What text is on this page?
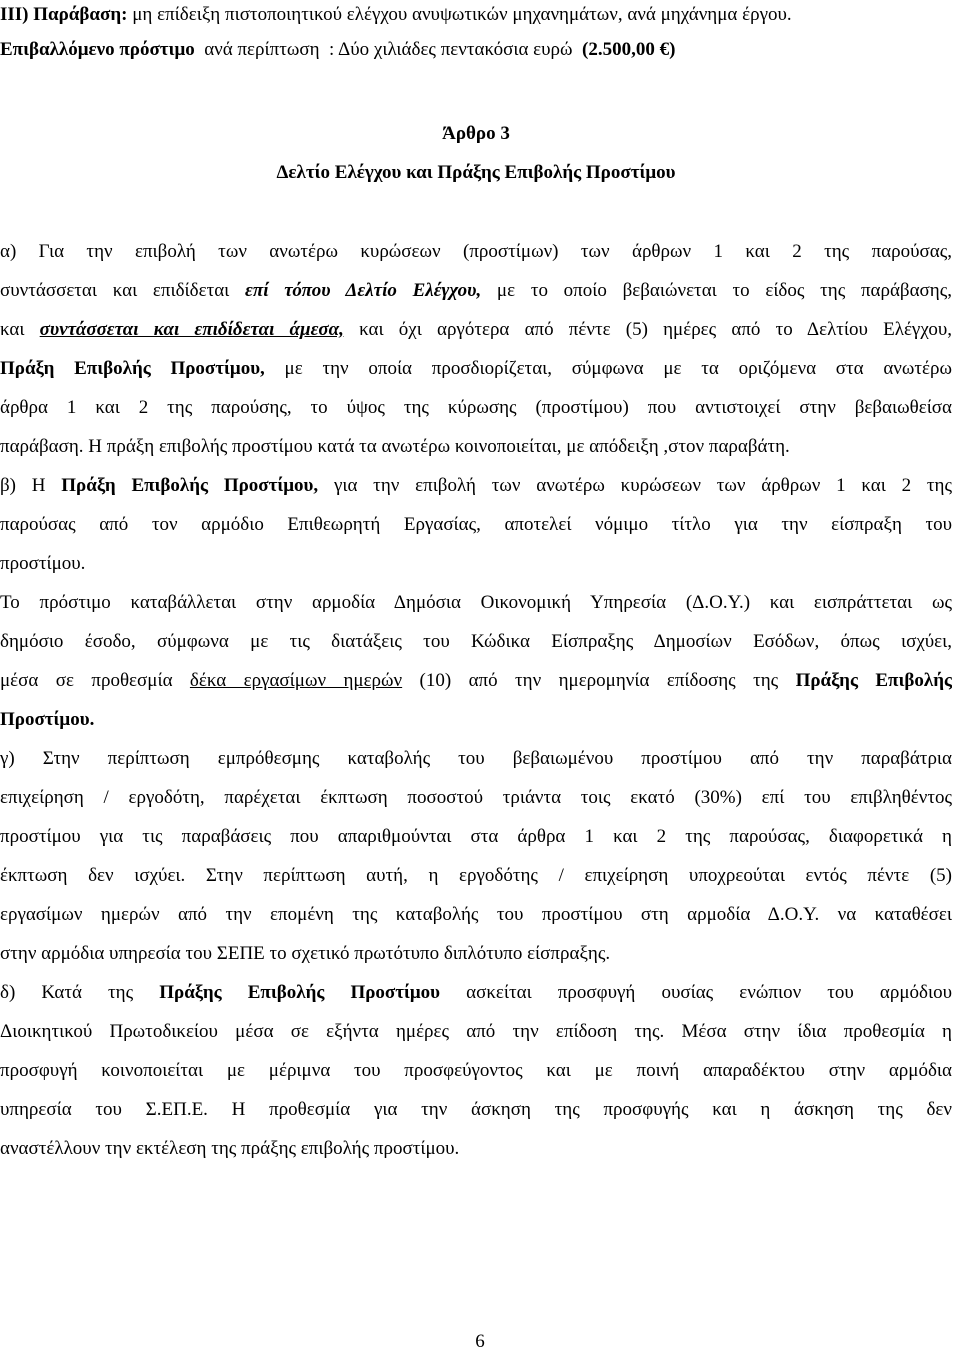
ΙΙΙ) Παράβαση: μη επίδειξη πιστοποιητικού ελέγχου ανυψωτικών μηχανημάτων, ανά μηχάνημα έργου.
Επιβαλλόμενο πρόστιμο  ανά περίπτωση  : Δύο χιλιάδες πεντακόσια ευρώ  (2.500,00 €)
Άρθρο 3
Δελτίο Ελέγχου και Πράξης Επιβολής Προστίμου
α) Για την επιβολή των ανωτέρω κυρώσεων (προστίμων) των άρθρων 1 και 2 της παρούσας,
συντάσσεται και επιδίδεται επί τόπου Δελτίο Ελέγχου, με το οποίο βεβαιώνεται το είδος της παράβασης,
και συντάσσεται και επιδίδεται άμεσα, και όχι αργότερα από πέντε (5) ημέρες από το Δελτίου Ελέγχου,
Πράξη Επιβολής Προστίμου, με την οποία προσδιορίζεται, σύμφωνα με τα οριζόμενα στα ανωτέρω
άρθρα 1 και 2 της παρούσης, το ύψος της κύρωσης (προστίμου) που αντιστοιχεί στην βεβαιωθείσα
παράβαση. Η πράξη επιβολής προστίμου κατά τα ανωτέρω κοινοποιείται, με απόδειξη ,στον παραβάτη.
β) Η Πράξη Επιβολής Προστίμου, για την επιβολή των ανωτέρω κυρώσεων των άρθρων 1 και 2 της
παρούσας από τον αρμόδιο Επιθεωρητή Εργασίας, αποτελεί νόμιμο τίτλο για την είσπραξη του
προστίμου.
Το πρόστιμο καταβάλλεται στην αρμοδία Δημόσια Οικονομική Υπηρεσία (Δ.Ο.Υ.) και εισπράττεται ως
δημόσιο έσοδο, σύμφωνα με τις διατάξεις του Κώδικα Είσπραξης Δημοσίων Εσόδων, όπως ισχύει,
μέσα σε προθεσμία δέκα εργασίμων ημερών (10) από την ημερομηνία επίδοσης της Πράξης Επιβολής
Προστίμου.
γ) Στην περίπτωση εμπρόθεσμης καταβολής του βεβαιωμένου προστίμου από την παραβάτρια
επιχείρηση / εργοδότη, παρέχεται έκπτωση ποσοστού τριάντα τοις εκατό (30%) επί του επιβληθέντος
προστίμου για τις παραβάσεις που απαριθμούνται στα άρθρα 1 και 2 της παρούσας, διαφορετικά η
έκπτωση δεν ισχύει. Στην περίπτωση αυτή, η εργοδότης / επιχείρηση υποχρεούται εντός πέντε (5)
εργασίμων ημερών από την επομένη της καταβολής του προστίμου στη αρμοδία Δ.Ο.Υ. να καταθέσει
στην αρμόδια υπηρεσία του ΣΕΠΕ το σχετικό πρωτότυπο διπλότυπο είσπραξης.
δ) Κατά της Πράξης Επιβολής Προστίμου ασκείται προσφυγή ουσίας ενώπιον του αρμόδιου
Διοικητικού Πρωτοδικείου μέσα σε εξήντα ημέρες από την επίδοση της. Μέσα στην ίδια προθεσμία η
προσφυγή κοινοποιείται με μέριμνα του προσφεύγοντος και με ποινή απαραδέκτου στην αρμόδια
υπηρεσία του Σ.ΕΠ.Ε. Η προθεσμία για την άσκηση της προσφυγής και η άσκηση της δεν
αναστέλλουν την εκτέλεση της πράξης επιβολής προστίμου.
6
